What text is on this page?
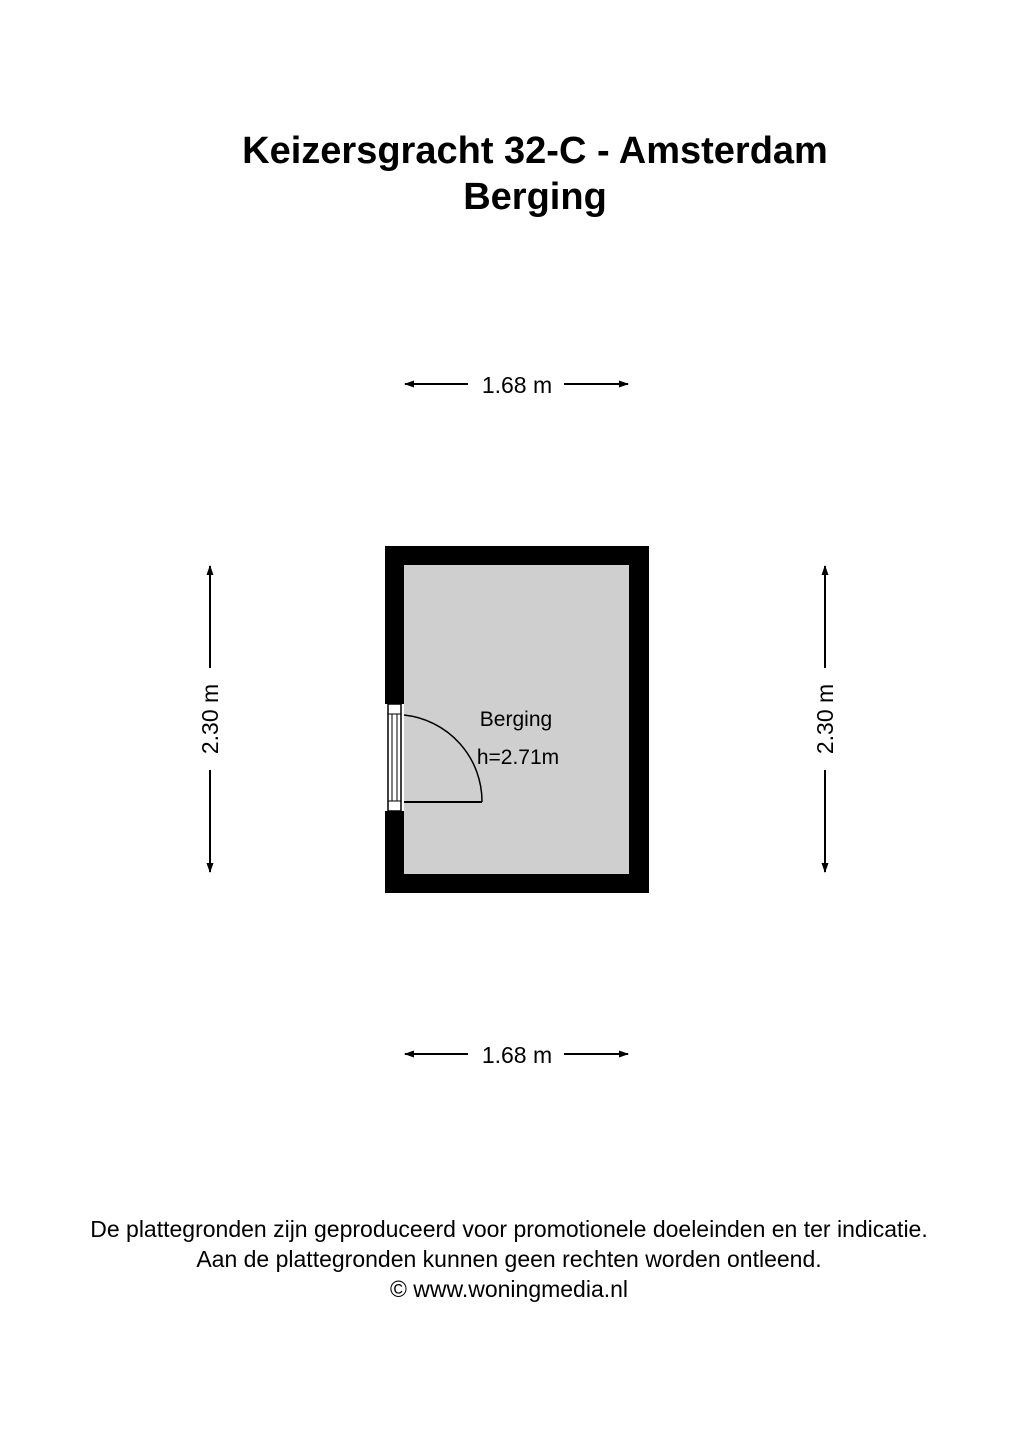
Keizersgracht 32-C - Amsterdam
Berging
1.68 m
1.68 m
2.30 m	2.30 m
Berging
h=2.71m
De plattegronden zijn geproduceerd voor promotionele doeleinden en ter indicatie.
Aan de plattegronden kunnen geen rechten worden ontleend.
© www.woningmedia.nl
